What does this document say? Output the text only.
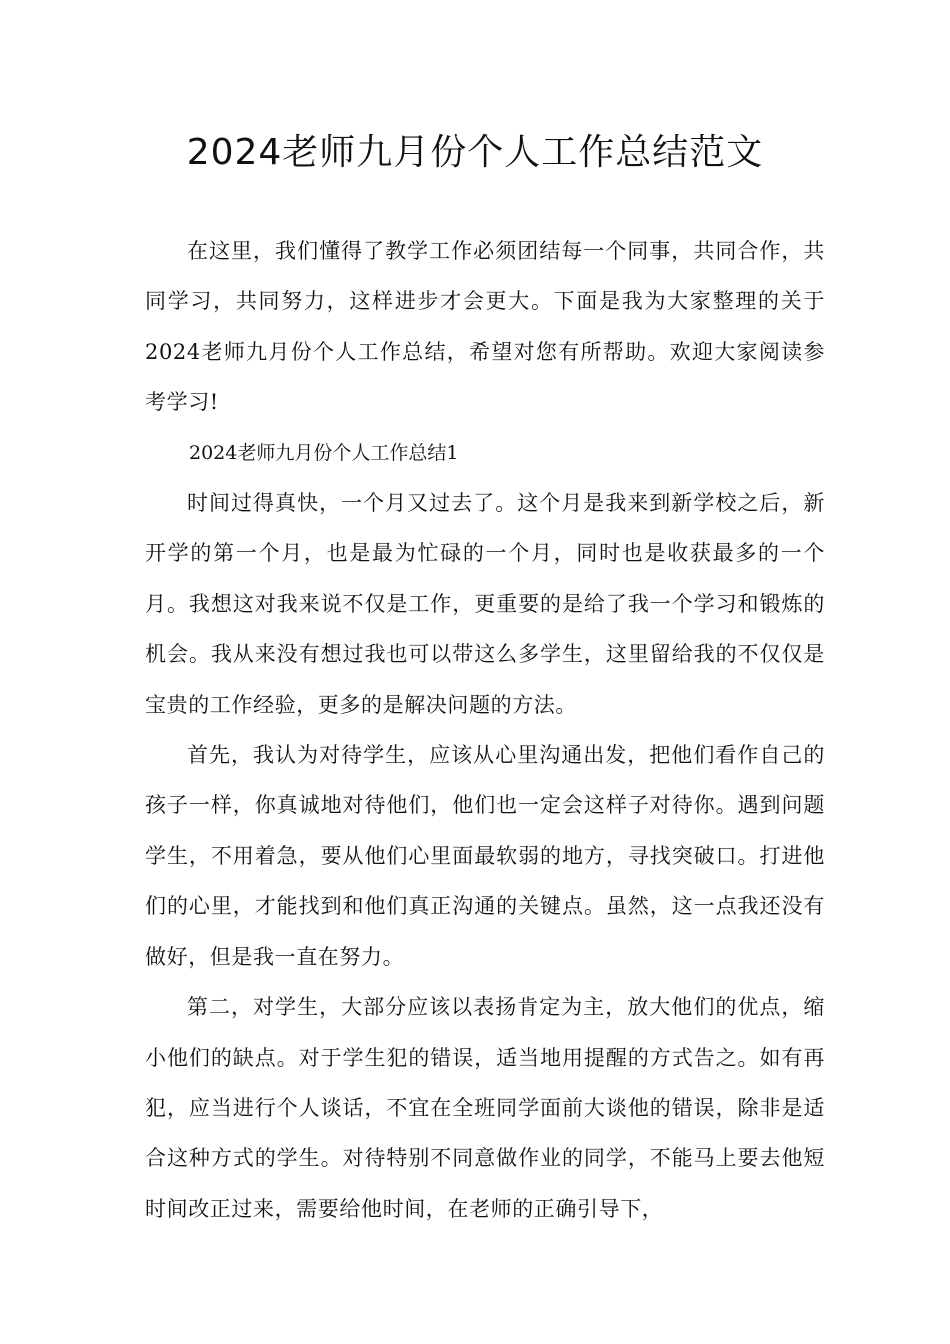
2024老师九月份个人工作总结范文

在这里，我们懂得了教学工作必须团结每一个同事，共同合作，共同学习，共同努力，这样进步才会更大。下面是我为大家整理的关于2024老师九月份个人工作总结，希望对您有所帮助。欢迎大家阅读参考学习!

2024老师九月份个人工作总结1

时间过得真快，一个月又过去了。这个月是我来到新学校之后，新开学的第一个月，也是最为忙碌的一个月，同时也是收获最多的一个月。我想这对我来说不仅是工作，更重要的是给了我一个学习和锻炼的机会。我从来没有想过我也可以带这么多学生，这里留给我的不仅仅是宝贵的工作经验，更多的是解决问题的方法。

首先，我认为对待学生，应该从心里沟通出发，把他们看作自己的孩子一样，你真诚地对待他们，他们也一定会这样子对待你。遇到问题学生，不用着急，要从他们心里面最软弱的地方，寻找突破口。打进他们的心里，才能找到和他们真正沟通的关键点。虽然，这一点我还没有做好，但是我一直在努力。

第二，对学生，大部分应该以表扬肯定为主，放大他们的优点，缩小他们的缺点。对于学生犯的错误，适当地用提醒的方式告之。如有再犯，应当进行个人谈话，不宜在全班同学面前大谈他的错误，除非是适合这种方式的学生。对待特别不同意做作业的同学，不能马上要去他短时间改正过来，需要给他时间，在老师的正确引导下，
